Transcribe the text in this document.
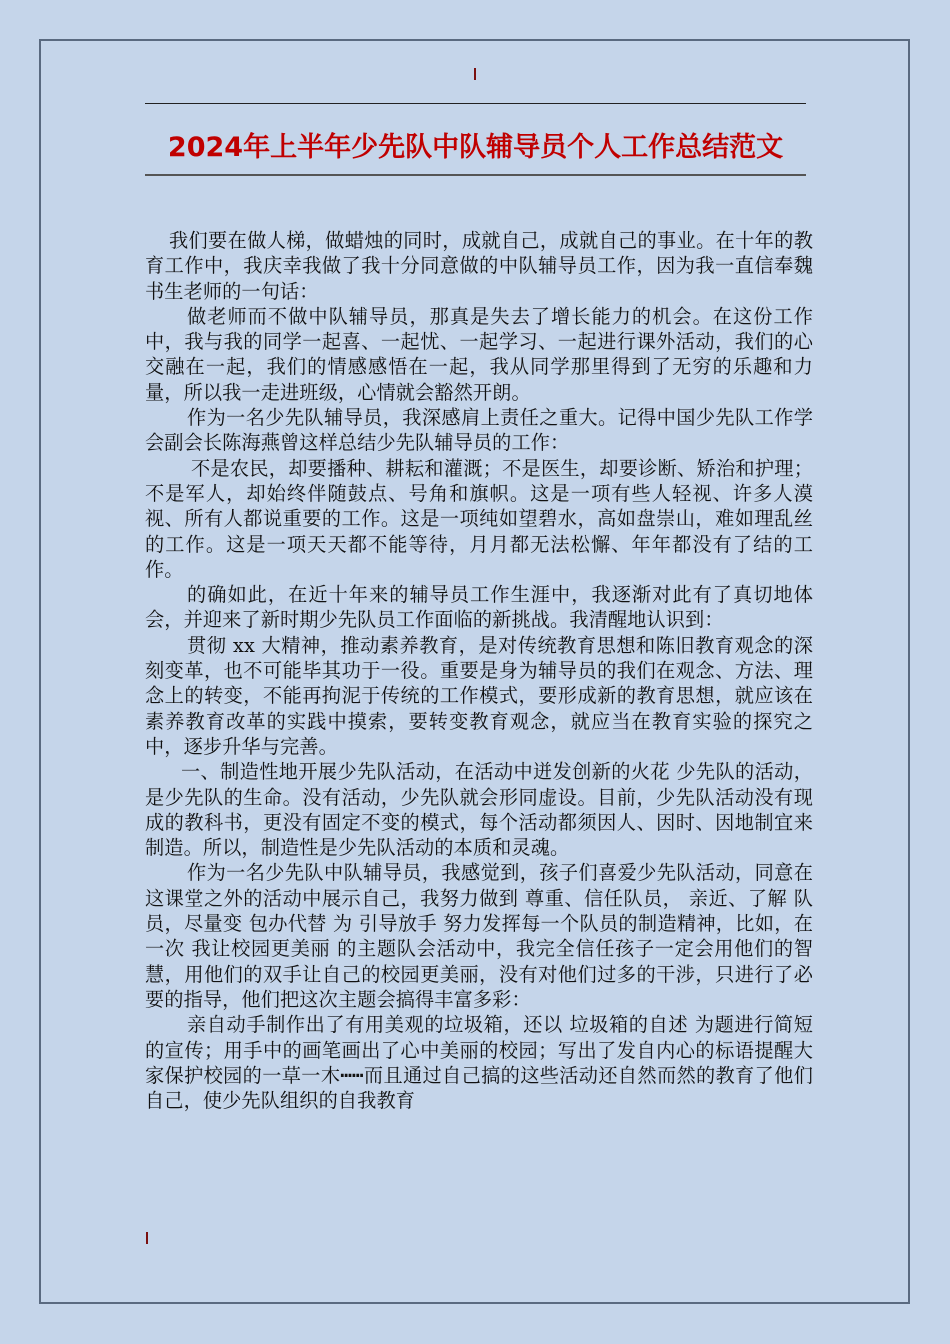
2024年上半年少先队中队辅导员个人工作总结范文

我们要在做人梯，做蜡烛的同时，成就自己，成就自己的事业。在十年的教育工作中，我庆幸我做了我十分同意做的中队辅导员工作，因为我一直信奉魏书生老师的一句话：

做老师而不做中队辅导员，那真是失去了增长能力的机会。在这份工作中，我与我的同学一起喜、一起忧、一起学习、一起进行课外活动，我们的心交融在一起，我们的情感感悟在一起，我从同学那里得到了无穷的乐趣和力量，所以我一走进班级，心情就会豁然开朗。

作为一名少先队辅导员，我深感肩上责任之重大。记得中国少先队工作学会副会长陈海燕曾这样总结少先队辅导员的工作：

不是农民，却要播种、耕耘和灌溉；不是医生，却要诊断、矫治和护理；不是军人，却始终伴随鼓点、号角和旗帜。这是一项有些人轻视、许多人漠视、所有人都说重要的工作。这是一项纯如望碧水，高如盘崇山，难如理乱丝的工作。这是一项天天都不能等待，月月都无法松懈、年年都没有了结的工作。

的确如此，在近十年来的辅导员工作生涯中，我逐渐对此有了真切地体会，并迎来了新时期少先队员工作面临的新挑战。我清醒地认识到：

贯彻 xx 大精神，推动素养教育，是对传统教育思想和陈旧教育观念的深刻变革，也不可能毕其功于一役。重要是身为辅导员的我们在观念、方法、理念上的转变，不能再拘泥于传统的工作模式，要形成新的教育思想，就应该在素养教育改革的实践中摸索，要转变教育观念，就应当在教育实验的探究之中，逐步升华与完善。

一、制造性地开展少先队活动，在活动中迸发创新的火花 少先队的活动，是少先队的生命。没有活动，少先队就会形同虚设。目前，少先队活动没有现成的教科书，更没有固定不变的模式，每个活动都须因人、因时、因地制宜来制造。所以，制造性是少先队活动的本质和灵魂。

作为一名少先队中队辅导员，我感觉到，孩子们喜爱少先队活动，同意在这课堂之外的活动中展示自己，我努力做到 尊重、信任队员， 亲近、了解 队员，尽量变 包办代替 为 引导放手 努力发挥每一个队员的制造精神，比如，在一次 我让校园更美丽 的主题队会活动中，我完全信任孩子一定会用他们的智慧，用他们的双手让自己的校园更美丽，没有对他们过多的干涉，只进行了必要的指导，他们把这次主题会搞得丰富多彩：

亲自动手制作出了有用美观的垃圾箱，还以 垃圾箱的自述 为题进行简短的宣传；用手中的画笔画出了心中美丽的校园；写出了发自内心的标语提醒大家保护校园的一草一木┅┅而且通过自己搞的这些活动还自然而然的教育了他们自己，使少先队组织的自我教育
